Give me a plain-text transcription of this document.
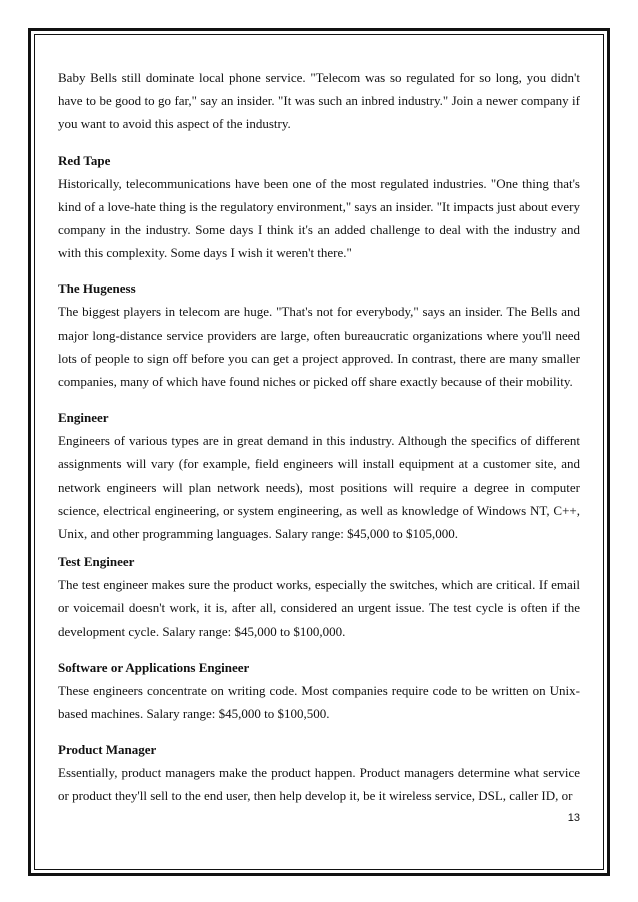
Baby Bells still dominate local phone service. "Telecom was so regulated for so long, you didn't have to be good to go far," say an insider. "It was such an inbred industry." Join a newer company if you want to avoid this aspect of the industry.

Red Tape

Historically, telecommunications have been one of the most regulated industries. "One thing that's kind of a love-hate thing is the regulatory environment," says an insider. "It impacts just about every company in the industry. Some days I think it's an added challenge to deal with the industry and with this complexity. Some days I wish it weren't there."

The Hugeness

The biggest players in telecom are huge. "That's not for everybody," says an insider. The Bells and major long-distance service providers are large, often bureaucratic organizations where you'll need lots of people to sign off before you can get a project approved. In contrast, there are many smaller companies, many of which have found niches or picked off share exactly because of their mobility.

Engineer

Engineers of various types are in great demand in this industry. Although the specifics of different assignments will vary (for example, field engineers will install equipment at a customer site, and network engineers will plan network needs), most positions will require a degree in computer science, electrical engineering, or system engineering, as well as knowledge of Windows NT, C++, Unix, and other programming languages. Salary range: $45,000 to $105,000.

Test Engineer

The test engineer makes sure the product works, especially the switches, which are critical. If email or voicemail doesn't work, it is, after all, considered an urgent issue. The test cycle is often if the development cycle. Salary range: $45,000 to $100,000.

Software or Applications Engineer

These engineers concentrate on writing code. Most companies require code to be written on Unix-based machines. Salary range: $45,000 to $100,500.

Product Manager

Essentially, product managers make the product happen. Product managers determine what service or product they'll sell to the end user, then help develop it, be it wireless service, DSL, caller ID, or

13
